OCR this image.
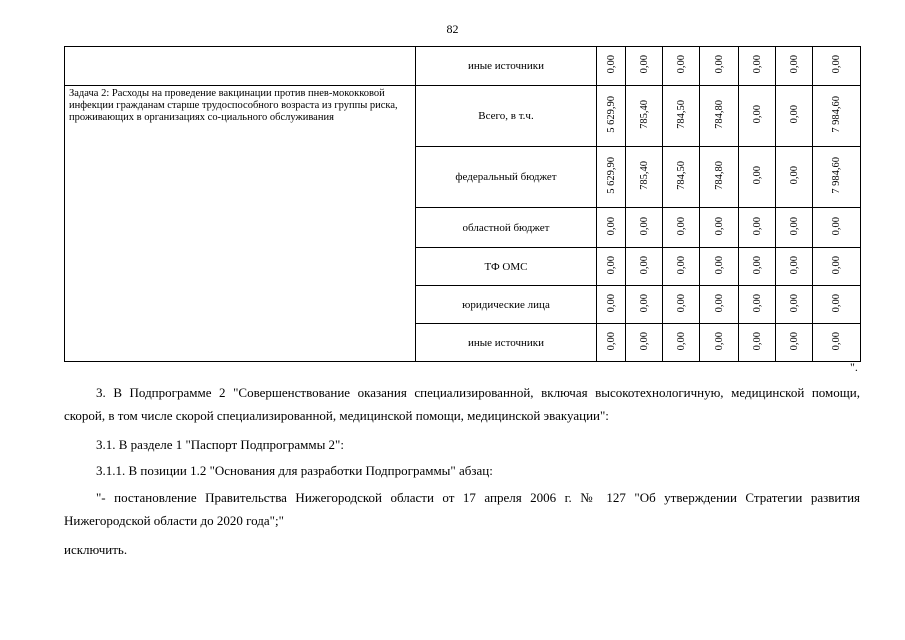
82
	иные источники	0,00	0,00	0,00	0,00	0,00	0,00	0,00
Задача 2: Расходы на проведение вакцинации против пнев-мококковой инфекции гражданам старше трудоспособного возраста из группы риска, проживающих в организациях со-циального обслуживания	Всего, в т.ч.	5 629,90	785,40	784,50	784,80	0,00	0,00	7 984,60
	федеральный бюджет	5 629,90	785,40	784,50	784,80	0,00	0,00	7 984,60
	областной бюджет	0,00	0,00	0,00	0,00	0,00	0,00	0,00
	ТФ ОМС	0,00	0,00	0,00	0,00	0,00	0,00	0,00
	юридические лица	0,00	0,00	0,00	0,00	0,00	0,00	0,00
	иные источники	0,00	0,00	0,00	0,00	0,00	0,00	0,00
".
3. В Подпрограмме 2 "Совершенствование оказания специализированной, включая высокотехнологичную, медицинской помощи, скорой, в том числе скорой специализированной, медицинской помощи, медицинской эвакуации":
3.1. В разделе 1 "Паспорт Подпрограммы 2":
3.1.1. В позиции 1.2 "Основания для разработки Подпрограммы" абзац:
"- постановление Правительства Нижегородской области от 17 апреля 2006 г. № 127 "Об утверждении Стратегии развития Нижегородской области до 2020 года";"
исключить.
